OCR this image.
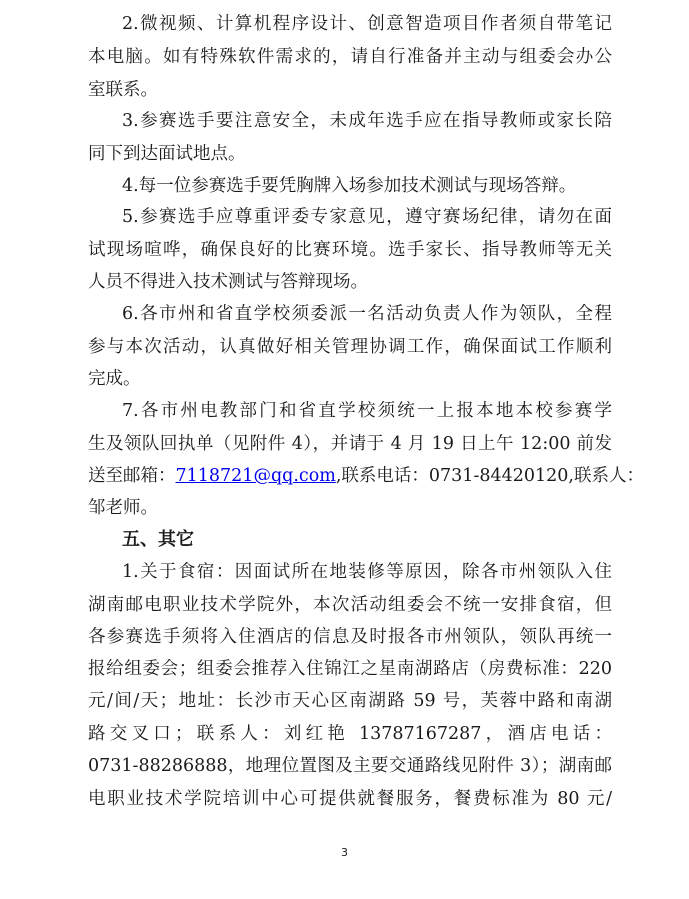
2.微视频、计算机程序设计、创意智造项目作者须自带笔记
本电脑。如有特殊软件需求的，请自行准备并主动与组委会办公
室联系。
3.参赛选手要注意安全，未成年选手应在指导教师或家长陪
同下到达面试地点。
4.每一位参赛选手要凭胸牌入场参加技术测试与现场答辩。
5.参赛选手应尊重评委专家意见，遵守赛场纪律，请勿在面
试现场喧哗，确保良好的比赛环境。选手家长、指导教师等无关
人员不得进入技术测试与答辩现场。
6.各市州和省直学校须委派一名活动负责人作为领队，全程
参与本次活动，认真做好相关管理协调工作，确保面试工作顺利
完成。
7.各市州电教部门和省直学校须统一上报本地本校参赛学
生及领队回执单（见附件 4），并请于 4 月 19 日上午 12:00 前发
送至邮箱：7118721@qq.com,联系电话：0731-84420120,联系人：
邹老师。
五、其它
1.关于食宿：因面试所在地装修等原因，除各市州领队入住
湖南邮电职业技术学院外，本次活动组委会不统一安排食宿，但
各参赛选手须将入住酒店的信息及时报各市州领队，领队再统一
报给组委会；组委会推荐入住锦江之星南湖路店（房费标准：220
元/间/天；地址：长沙市天心区南湖路 59 号，芙蓉中路和南湖
路交叉口；联系人：刘红艳 13787167287，酒店电话：
0731-88286888，地理位置图及主要交通路线见附件 3）；湖南邮
电职业技术学院培训中心可提供就餐服务，餐费标准为 80 元/
3
